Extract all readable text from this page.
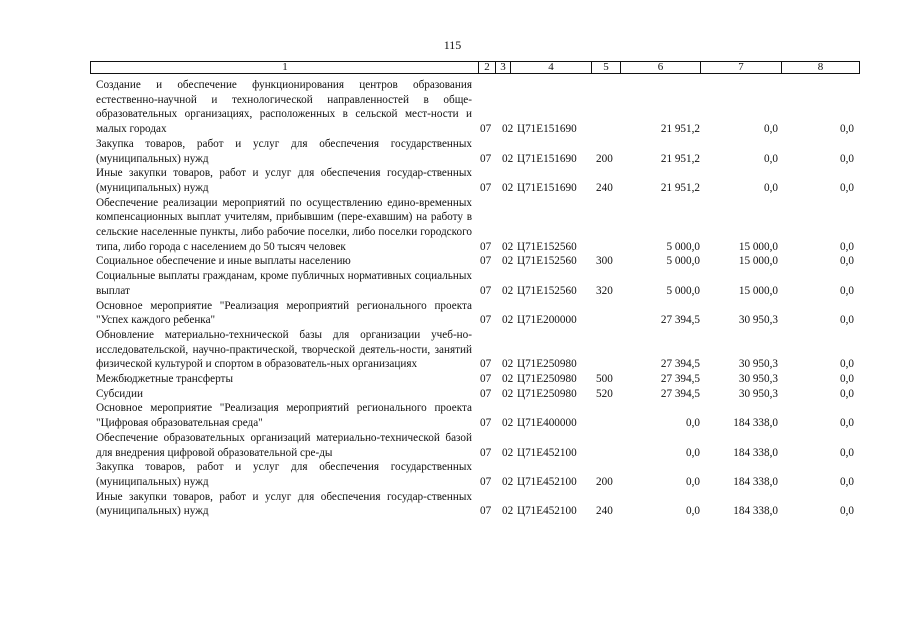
115
1	2 3	4	5	6	7	8
Создание и обеспечение функционирования центров образования естественно-научной и технологической направленностей в обще-образовательных организациях, расположенных в сельской мест-ности и малых городах	07 02 Ц71Е151690	21 951,2	0,0	0,0
Закупка товаров, работ и услуг для обеспечения государственных (муниципальных) нужд	07 02 Ц71Е151690 200	21 951,2	0,0	0,0
Иные закупки товаров, работ и услуг для обеспечения государ-ственных (муниципальных) нужд	07 02 Ц71Е151690 240	21 951,2	0,0	0,0
Обеспечение реализации мероприятий по осуществлению едино-временных компенсационных выплат учителям, прибывшим (пере-ехавшим) на работу в сельские населенные пункты, либо рабочие поселки, либо поселки городского типа, либо города с населением до 50 тысяч человек	07 02 Ц71Е152560	5 000,0	15 000,0	0,0
Социальное обеспечение и иные выплаты населению	07 02 Ц71Е152560 300	5 000,0	15 000,0	0,0
Социальные выплаты гражданам, кроме публичных нормативных социальных выплат	07 02 Ц71Е152560 320	5 000,0	15 000,0	0,0
Основное мероприятие "Реализация мероприятий регионального проекта "Успех каждого ребенка"	07 02 Ц71Е200000	27 394,5	30 950,3	0,0
Обновление материально-технической базы для организации учеб-но-исследовательской, научно-практической, творческой деятель-ности, занятий физической культурой и спортом в образователь-ных организациях	07 02 Ц71Е250980	27 394,5	30 950,3	0,0
Межбюджетные трансферты	07 02 Ц71Е250980 500	27 394,5	30 950,3	0,0
Субсидии	07 02 Ц71Е250980 520	27 394,5	30 950,3	0,0
Основное мероприятие "Реализация мероприятий регионального проекта "Цифровая образовательная среда"	07 02 Ц71Е400000	0,0	184 338,0	0,0
Обеспечение образовательных организаций материально-технической базой для внедрения цифровой образовательной сре-ды	07 02 Ц71Е452100	0,0	184 338,0	0,0
Закупка товаров, работ и услуг для обеспечения государственных (муниципальных) нужд	07 02 Ц71Е452100 200	0,0	184 338,0	0,0
Иные закупки товаров, работ и услуг для обеспечения государ-ственных (муниципальных) нужд	07 02 Ц71Е452100 240	0,0	184 338,0	0,0
